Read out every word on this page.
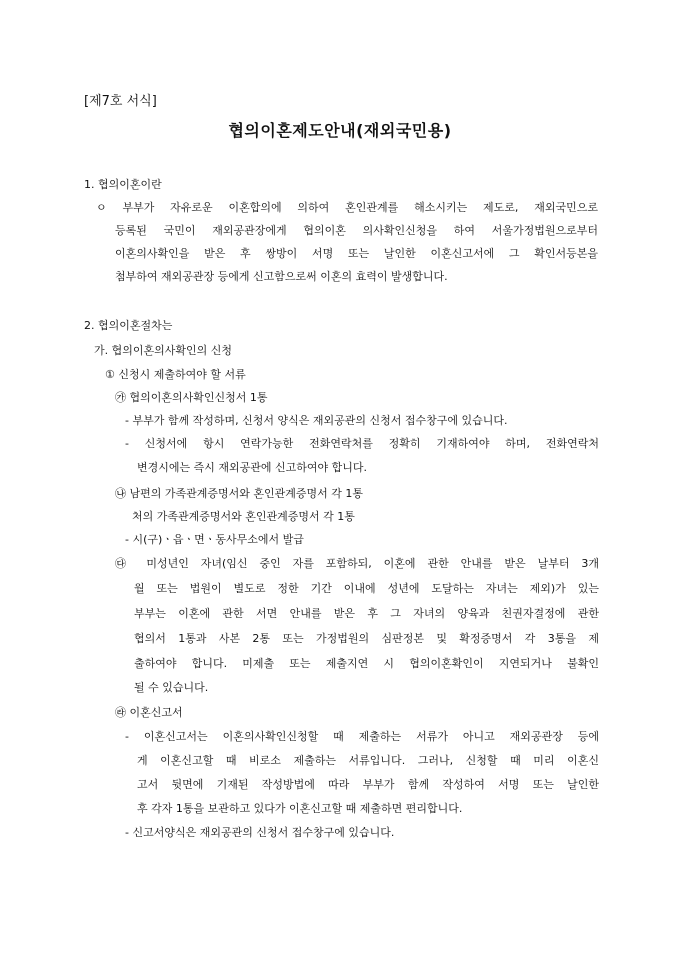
[제7호 서식]
협의이혼제도안내(재외국민용)
1. 협의이혼이란
ㅇ 부부가 자유로운 이혼합의에 의하여 혼인관계를 해소시키는 제도로, 재외국민으로
등록된 국민이 재외공관장에게 협의이혼 의사확인신청을 하여 서울가정법원으로부터
이혼의사확인을 받은 후 쌍방이 서명 또는 날인한 이혼신고서에 그 확인서등본을
첨부하여 재외공관장 등에게 신고함으로써 이혼의 효력이 발생합니다.
2. 협의이혼절차는
가. 협의이혼의사확인의 신청
① 신청시 제출하여야 할 서류
㉮ 협의이혼의사확인신청서 1통
- 부부가 함께 작성하며, 신청서 양식은 재외공관의 신청서 접수창구에 있습니다.
- 신청서에 항시 연락가능한 전화연락처를 정확히 기재하여야 하며, 전화연락처
변경시에는 즉시 재외공관에 신고하여야 합니다.
㉯ 남편의 가족관계증명서와 혼인관계증명서 각 1통
처의 가족관계증명서와 혼인관계증명서 각 1통
- 시(구)ㆍ읍ㆍ면ㆍ동사무소에서 발급
㉰ 미성년인 자녀(임신 중인 자를 포함하되, 이혼에 관한 안내를 받은 날부터 3개
월 또는 법원이 별도로 정한 기간 이내에 성년에 도달하는 자녀는 제외)가 있는
부부는 이혼에 관한 서면 안내를 받은 후 그 자녀의 양육과 친권자결정에 관한
협의서 1통과 사본 2통 또는 가정법원의 심판정본 및 확정증명서 각 3통을 제
출하여야 합니다. 미제출 또는 제출지연 시 협의이혼확인이 지연되거나 불확인
될 수 있습니다.
㉱ 이혼신고서
- 이혼신고서는 이혼의사확인신청할 때 제출하는 서류가 아니고 재외공관장 등에
게 이혼신고할 때 비로소 제출하는 서류입니다. 그러나, 신청할 때 미리 이혼신
고서 뒷면에 기재된 작성방법에 따라 부부가 함께 작성하여 서명 또는 날인한
후 각자 1통을 보관하고 있다가 이혼신고할 때 제출하면 편리합니다.
- 신고서양식은 재외공관의 신청서 접수창구에 있습니다.
